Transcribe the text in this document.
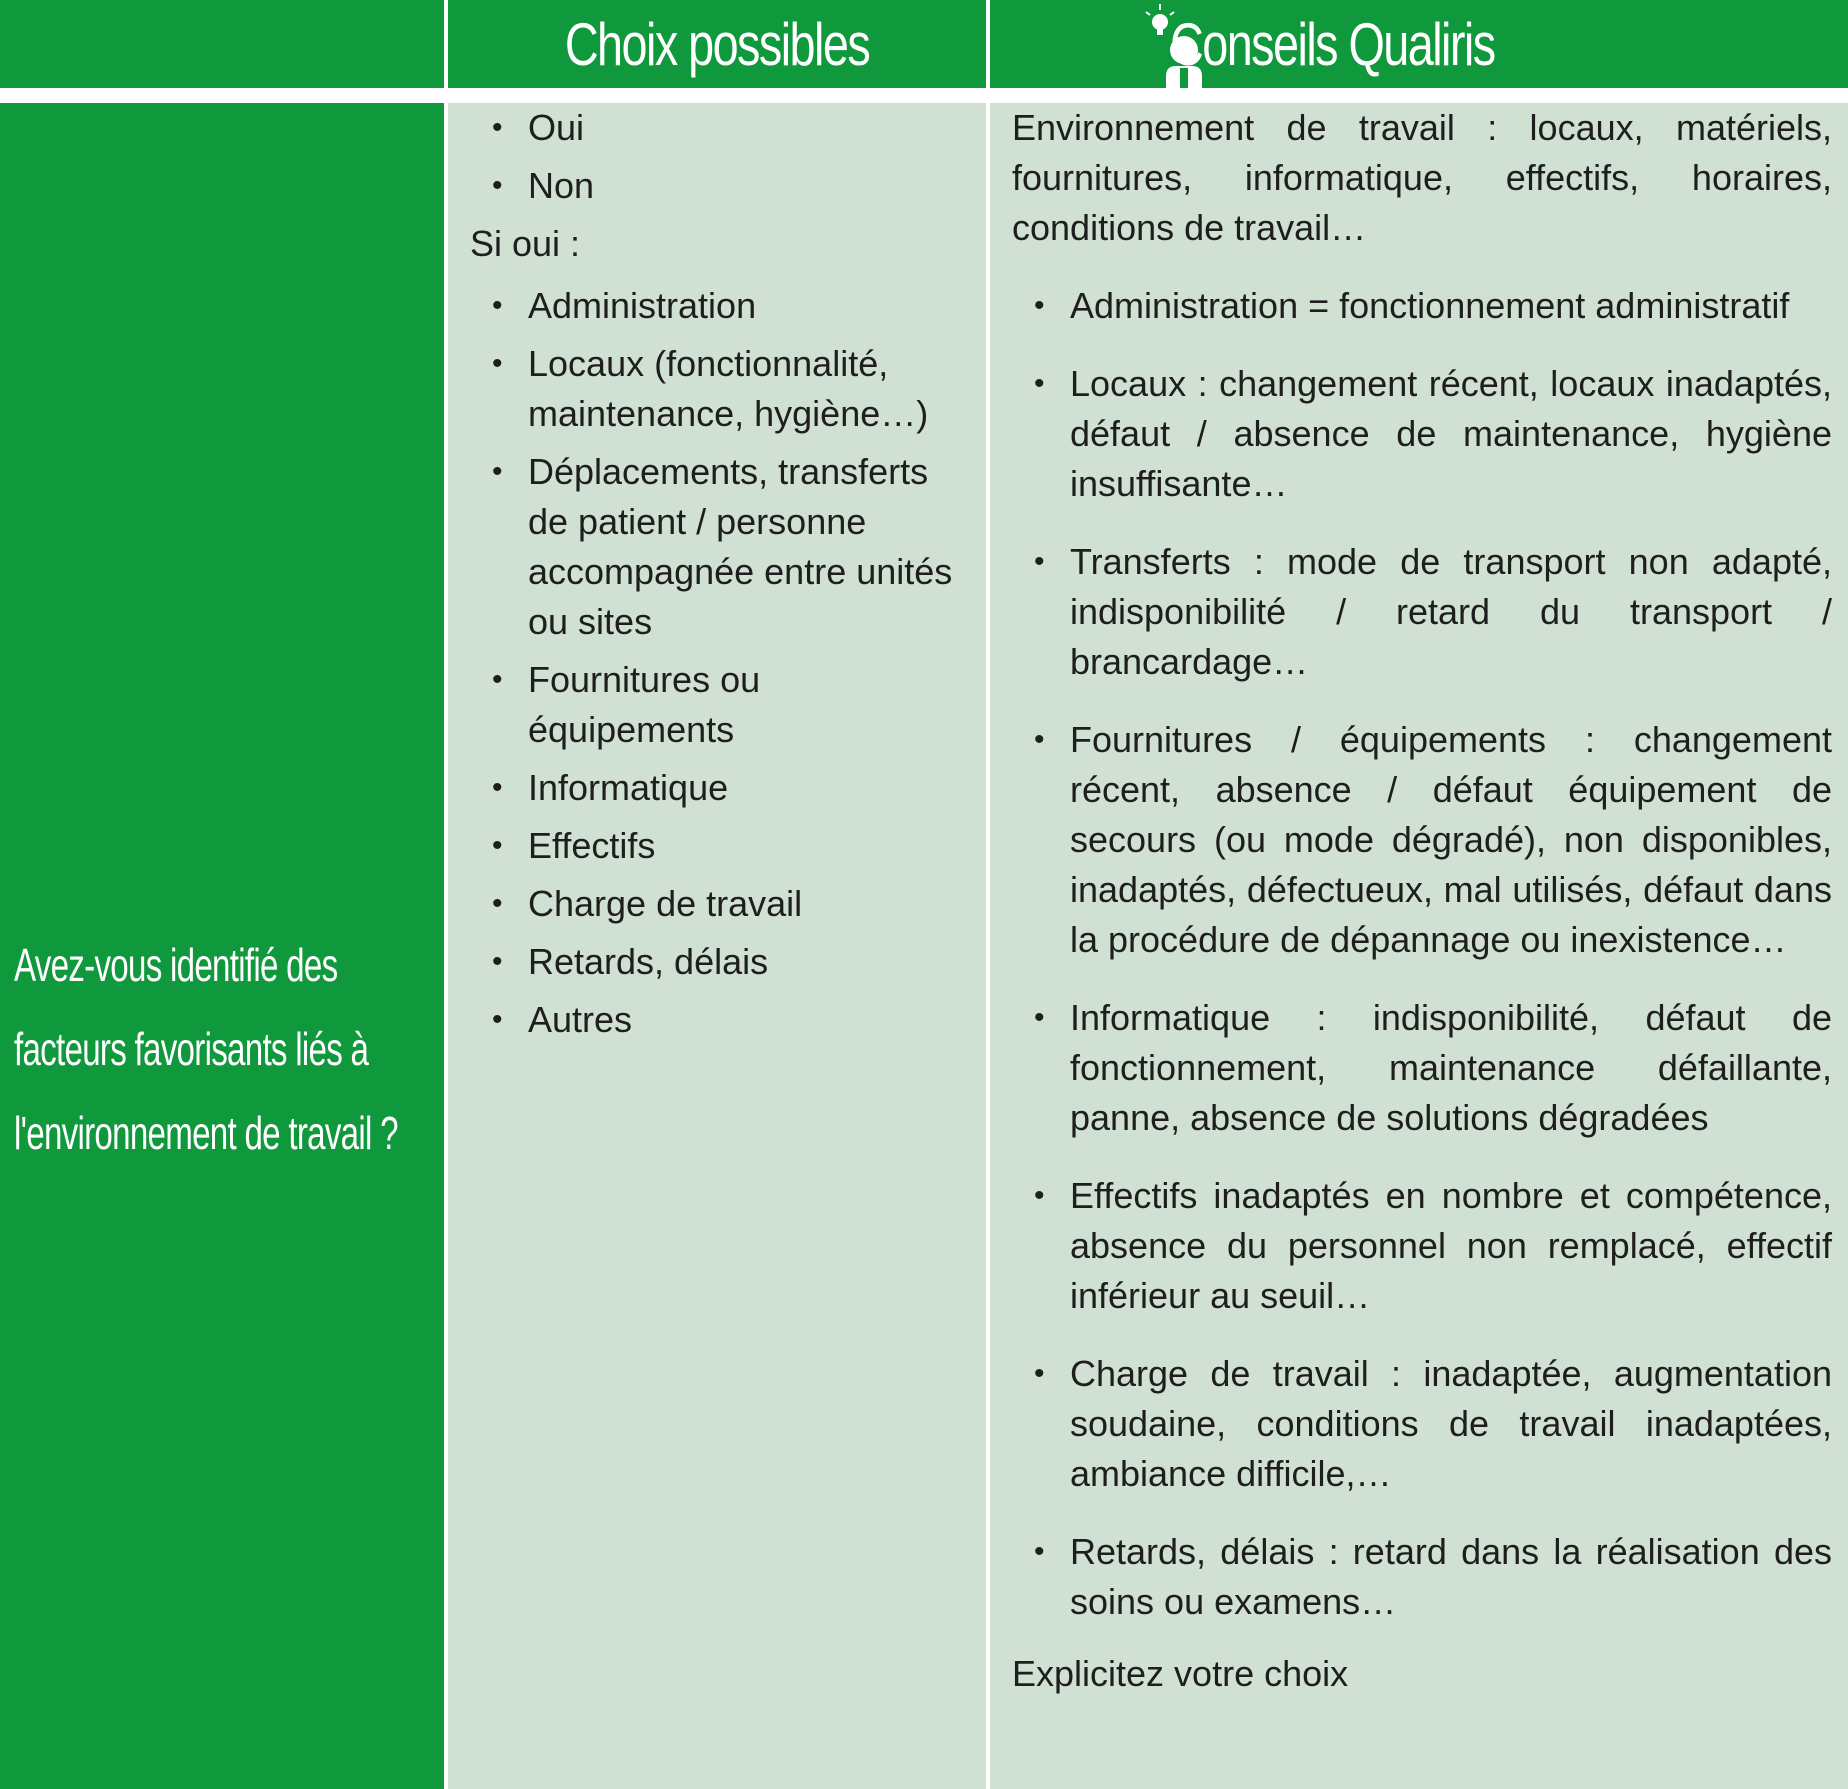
Choix possibles	Conseils Qualiris
Avez-vous identifié des facteurs favorisants liés à l'environnement de travail ?
• Oui
• Non

Si oui :

• Administration
• Locaux (fonctionnalité, maintenance, hygiène…)
• Déplacements, transferts de patient / personne accompagnée entre unités ou sites
• Fournitures ou équipements
• Informatique
• Effectifs
• Charge de travail
• Retards, délais
• Autres

Environnement de travail : locaux, matériels, fournitures, informatique, effectifs, horaires, conditions de travail…

• Administration = fonctionnement administratif
• Locaux : changement récent, locaux inadaptés, défaut / absence de maintenance, hygiène insuffisante…
• Transferts : mode de transport non adapté, indisponibilité / retard du transport / brancardage…
• Fournitures / équipements : changement récent, absence / défaut équipement de secours (ou mode dégradé), non disponibles, inadaptés, défectueux, mal utilisés, défaut dans la procédure de dépannage ou inexistence…
• Informatique : indisponibilité, défaut de fonctionnement, maintenance défaillante, panne, absence de solutions dégradées
• Effectifs inadaptés en nombre et compétence, absence du personnel non remplacé, effectif inférieur au seuil…
• Charge de travail : inadaptée, augmentation soudaine, conditions de travail inadaptées, ambiance difficile,…
• Retards, délais : retard dans la réalisation des soins ou examens…

Explicitez votre choix
